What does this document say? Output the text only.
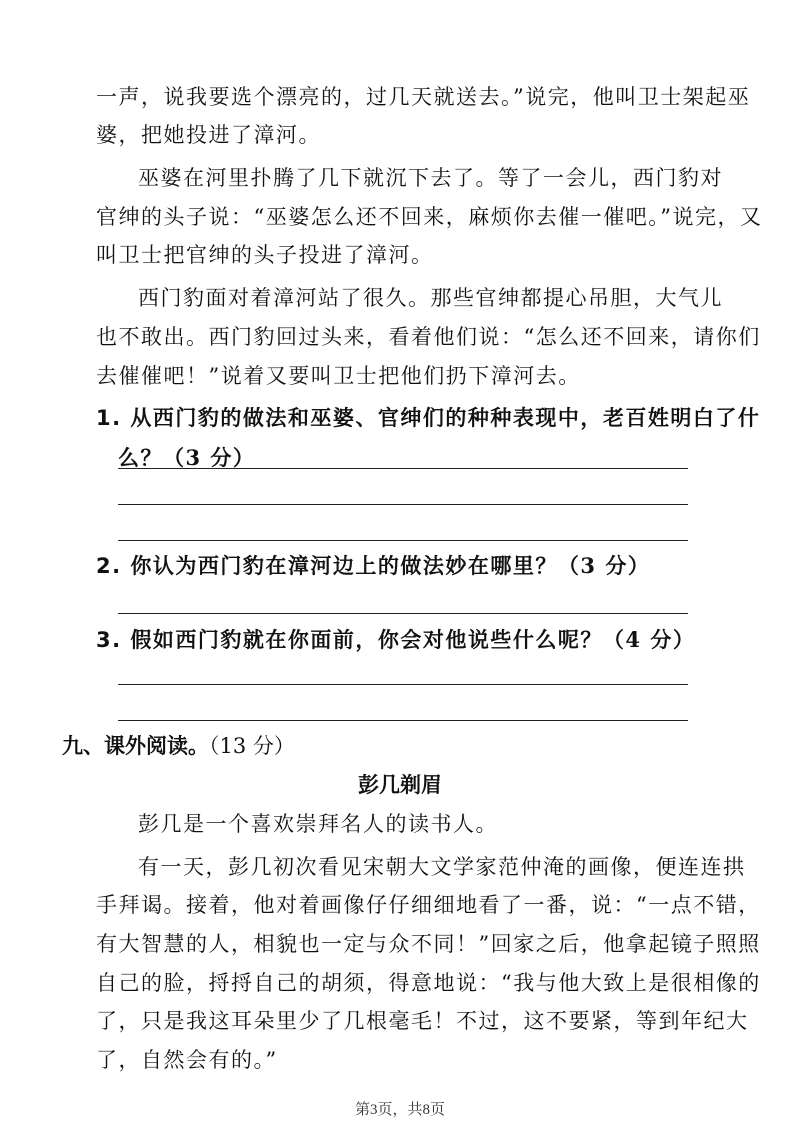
一声，说我要选个漂亮的，过几天就送去。”说完，他叫卫士架起巫
婆，把她投进了漳河。
巫婆在河里扑腾了几下就沉下去了。等了一会儿，西门豹对
官绅的头子说：“巫婆怎么还不回来，麻烦你去催一催吧。”说完，又
叫卫士把官绅的头子投进了漳河。
西门豹面对着漳河站了很久。那些官绅都提心吊胆，大气儿
也不敢出。西门豹回过头来，看着他们说：“怎么还不回来，请你们
去催催吧！”说着又要叫卫士把他们扔下漳河去。
1. 从西门豹的做法和巫婆、官绅们的种种表现中，老百姓明白了什
么？（3 分）
2. 你认为西门豹在漳河边上的做法妙在哪里？（3 分）
3. 假如西门豹就在你面前，你会对他说些什么呢？（4 分）
九、课外阅读。（13 分）
彭几剃眉
彭几是一个喜欢崇拜名人的读书人。
有一天，彭几初次看见宋朝大文学家范仲淹的画像，便连连拱
手拜谒。接着，他对着画像仔仔细细地看了一番，说：“一点不错，
有大智慧的人，相貌也一定与众不同！”回家之后，他拿起镜子照照
自己的脸，捋捋自己的胡须，得意地说：“我与他大致上是很相像的
了，只是我这耳朵里少了几根毫毛！不过，这不要紧，等到年纪大
了，自然会有的。”
第3页，共8页
